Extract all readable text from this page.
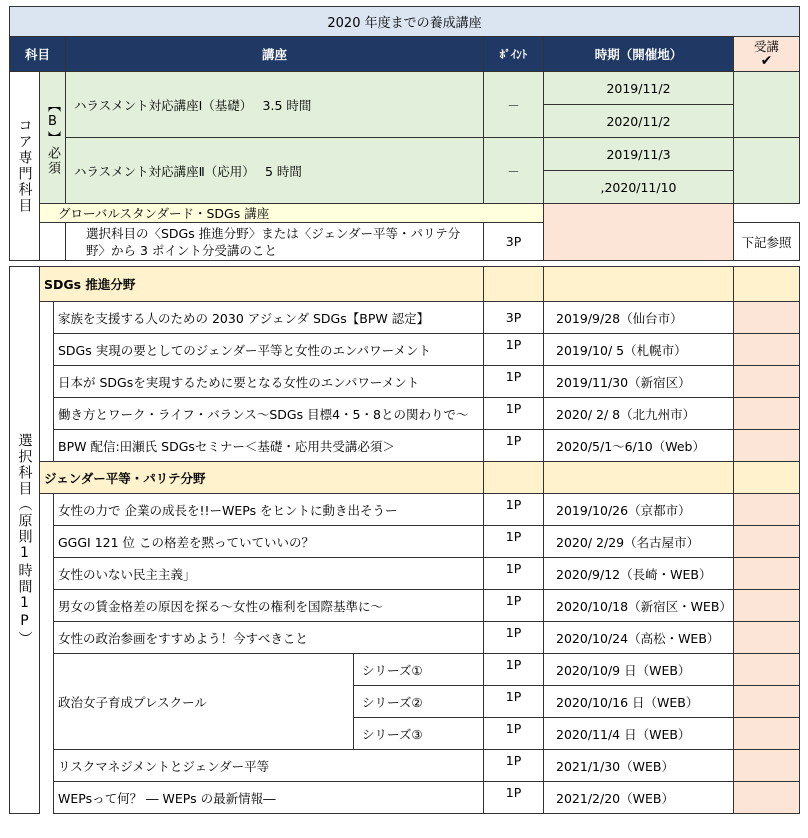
2020 年度までの養成講座					
科目		講座	ﾎﾟｲﾝﾄ	時期（開催地）	受講
✔

コア専門科目	【B】必須	ハラスメント対応講座Ⅰ（基礎）　 3.5 時間	－	2019/11/2	
				2020/11/2	
		ハラスメント対応講座Ⅱ（応用）　 5 時間	－	2019/11/3	
				,2020/11/10	
	グローバルスタンダード・SDGs 講座				
		選択科目の〈SDGs 推進分野〉または〈ジェンダー平等・パリテ分野〉から 3 ポイント分受講のこと	3P		下記参照
選択科目（原則1時間1P）	SDGs 推進分野					
		家族を支援する人のための 2030 アジェンダ SDGs【BPW 認定】		3P	2019/9/28（仙台市）	
		SDGs 実現の要としてのジェンダー平等と女性のエンパワーメント		1P	2019/10/ 5（札幌市）	
		日本が SDGsを実現するために要となる女性のエンパワーメント		1P	2019/11/30（新宿区）	
		働き方とワーク・ライフ・バランス～SDGs 目標4・5・8との関わりで～		1P	2020/ 2/ 8（北九州市）	
		BPW 配信:田瀬氏 SDGsセミナー＜基礎・応用共受講必須＞		1P	2020/5/1～6/10（Web）	
	ジェンダー平等・パリテ分野					
		女性の力で 企業の成長を!!ーWEPs をヒントに動き出そうー		1P	2019/10/26（京都市）	
		GGGI 121 位 この格差を黙っていていいの？		1P	2020/ 2/29（名古屋市）	
		女性のいない民主主義」		1P	2020/9/12（長崎・WEB）	
		男女の賃金格差の原因を探る～女性の権利を国際基準に～		1P	2020/10/18（新宿区・WEB）	
		女性の政治参画をすすめよう！今すべきこと		1P	2020/10/24（高松・WEB）	
		政治女子育成プレスクール	シリーズ①	1P	2020/10/9 日（WEB）	
			シリーズ②	1P	2020/10/16 日（WEB）	
			シリーズ③	1P	2020/11/4 日（WEB）	
		リスクマネジメントとジェンダー平等		1P	2021/1/30（WEB）	
		WEPsって何？ ― WEPs の最新情報―		1P	2021/2/20（WEB）	
